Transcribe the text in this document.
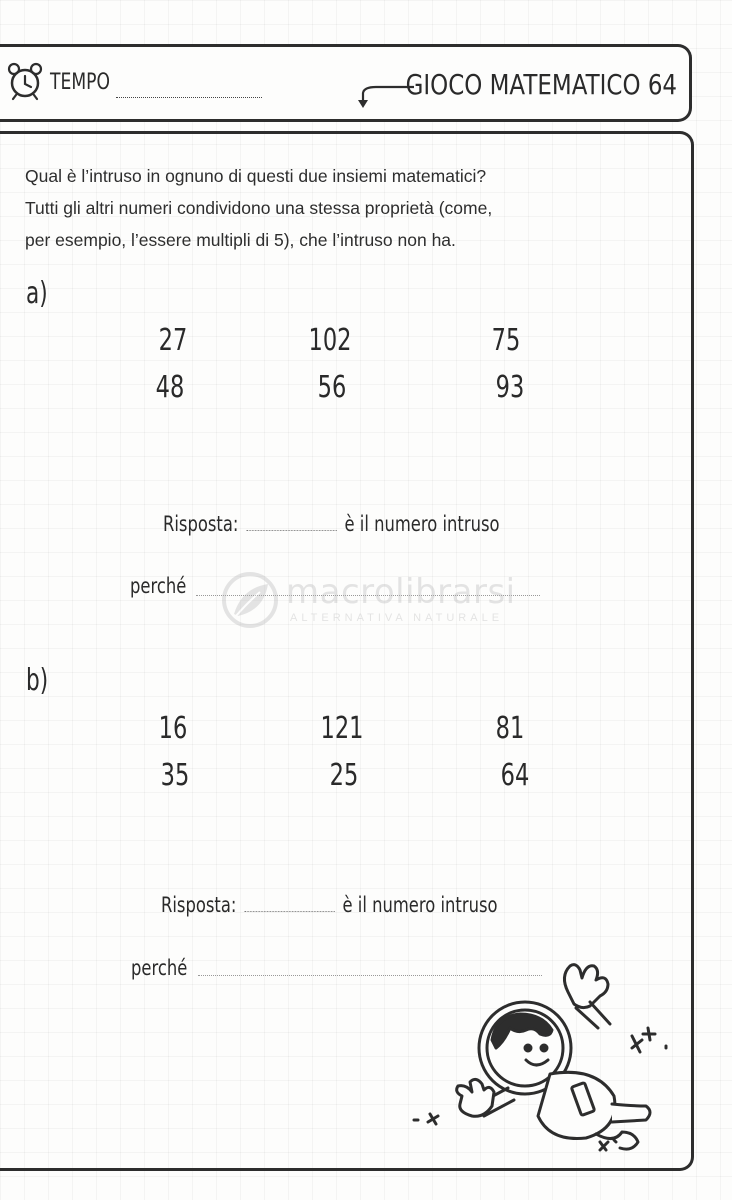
TEMPO	GIOCO MATEMATICO 64

Qual è l’intruso in ognuno di questi due insiemi matematici?

Tutti gli altri numeri condividono una stessa proprietà (come,

per esempio, l’essere multipli di 5), che l’intruso non ha.

a)
27	102	75
48	56	93
Risposta:	è il numero intruso
perché	macrolibrarsi
ALTERNATIVA NATURALE
b)
16	121	81
35	25	64
Risposta:	è il numero intruso
perché
